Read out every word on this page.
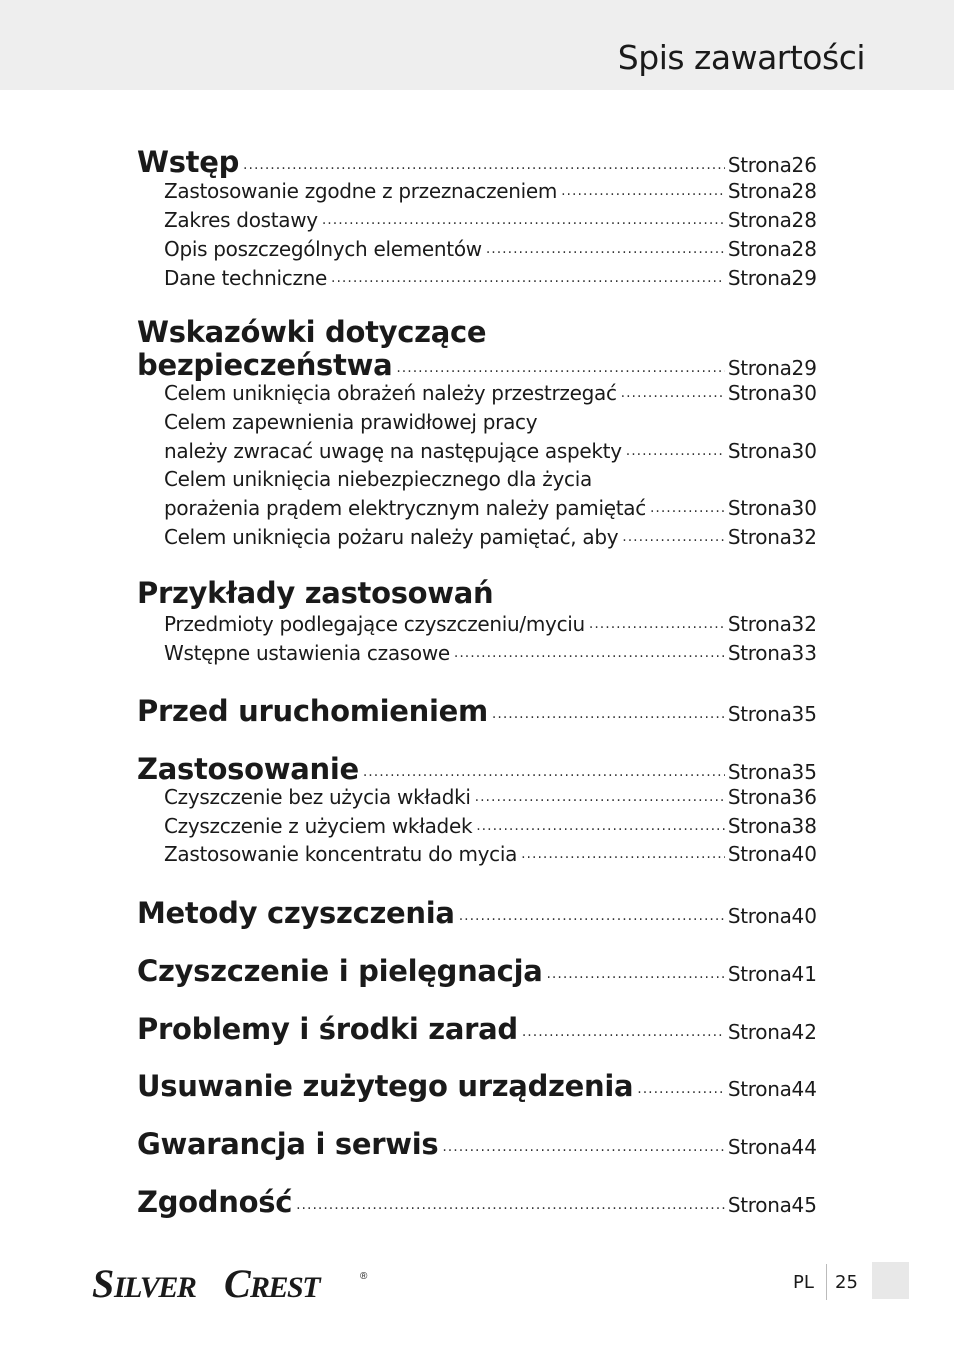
Spis zawartości
Wstęp .....	Strona 26
Zastosowanie zgodne z przeznaczeniem .....	Strona 28
Zakres dostawy .....	Strona 28
Opis poszczególnych elementów .....	Strona 28
Dane techniczne .....	Strona 29
Wskazówki dotyczące
bezpieczeństwa .....	Strona 29
Celem uniknięcia obrażeń należy przestrzegać .....	Strona 30
Celem zapewnienia prawidłowej pracy
należy zwracać uwagę na następujące aspekty .....	Strona 30
Celem uniknięcia niebezpiecznego dla życia
porażenia prądem elektrycznym należy pamiętać .....	Strona 30
Celem uniknięcia pożaru należy pamiętać, aby .....	Strona 32
Przykłady zastosowań
Przedmioty podlegające czyszczeniu/myciu .....	Strona 32
Wstępne ustawienia czasowe .....	Strona 33
Przed uruchomieniem .....	Strona 35
Zastosowanie .....	Strona 35
Czyszczenie bez użycia wkładki .....	Strona 36
Czyszczenie z użyciem wkładek .....	Strona 38
Zastosowanie koncentratu do mycia .....	Strona 40
Metody czyszczenia .....	Strona 40
Czyszczenie i pielęgnacja .....	Strona 41
Problemy i środki zarad .....	Strona 42
Usuwanie zużytego urządzenia .....	Strona 44
Gwarancja i serwis .....	Strona 44
Zgodność .....	Strona 45
S ILVER C REST	®	PL 25
